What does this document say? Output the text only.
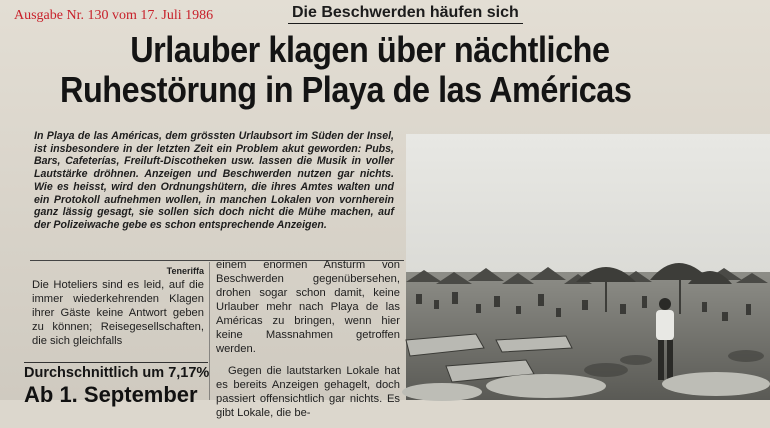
Ausgabe Nr. 130 vom 17. Juli 1986	Die Beschwerden häufen sich
Urlauber klagen über nächtliche
Ruhestörung in Playa de las Américas
In Playa de las Américas, dem grössten Urlaubsort im Süden der Insel, ist insbesondere in der letzten Zeit ein Problem akut geworden: Pubs, Bars, Cafeterías, Freiluft-Discotheken usw. lassen die Musik in voller Lautstärke dröhnen. Anzeigen und Beschwerden nutzen gar nichts. Wie es heisst, wird den Ordnungshütern, die ihres Amtes walten und ein Protokoll aufnehmen wollen, in manchen Lokalen von vornherein ganz lässig gesagt, sie sollen sich doch nicht die Mühe machen, auf der Polizeiwache gebe es schon entsprechende Anzeigen.
Teneriffa
Die Hoteliers sind es leid, auf die immer wiederkehrenden Klagen ihrer Gäste keine Antwort geben zu können; Reisegesellschaften, die sich gleichfalls
Durchschnittlich um 7,17%
Ab 1. September

einem enormen Ansturm von Beschwerden gegenübersehen, drohen sogar schon damit, keine Urlauber mehr nach Playa de las Américas zu bringen, wenn hier keine Massnahmen getroffen werden.

Gegen die lautstarken Lokale hat es bereits Anzeigen gehagelt, doch passiert offensichtlich gar nichts. Es gibt Lokale, die be-
